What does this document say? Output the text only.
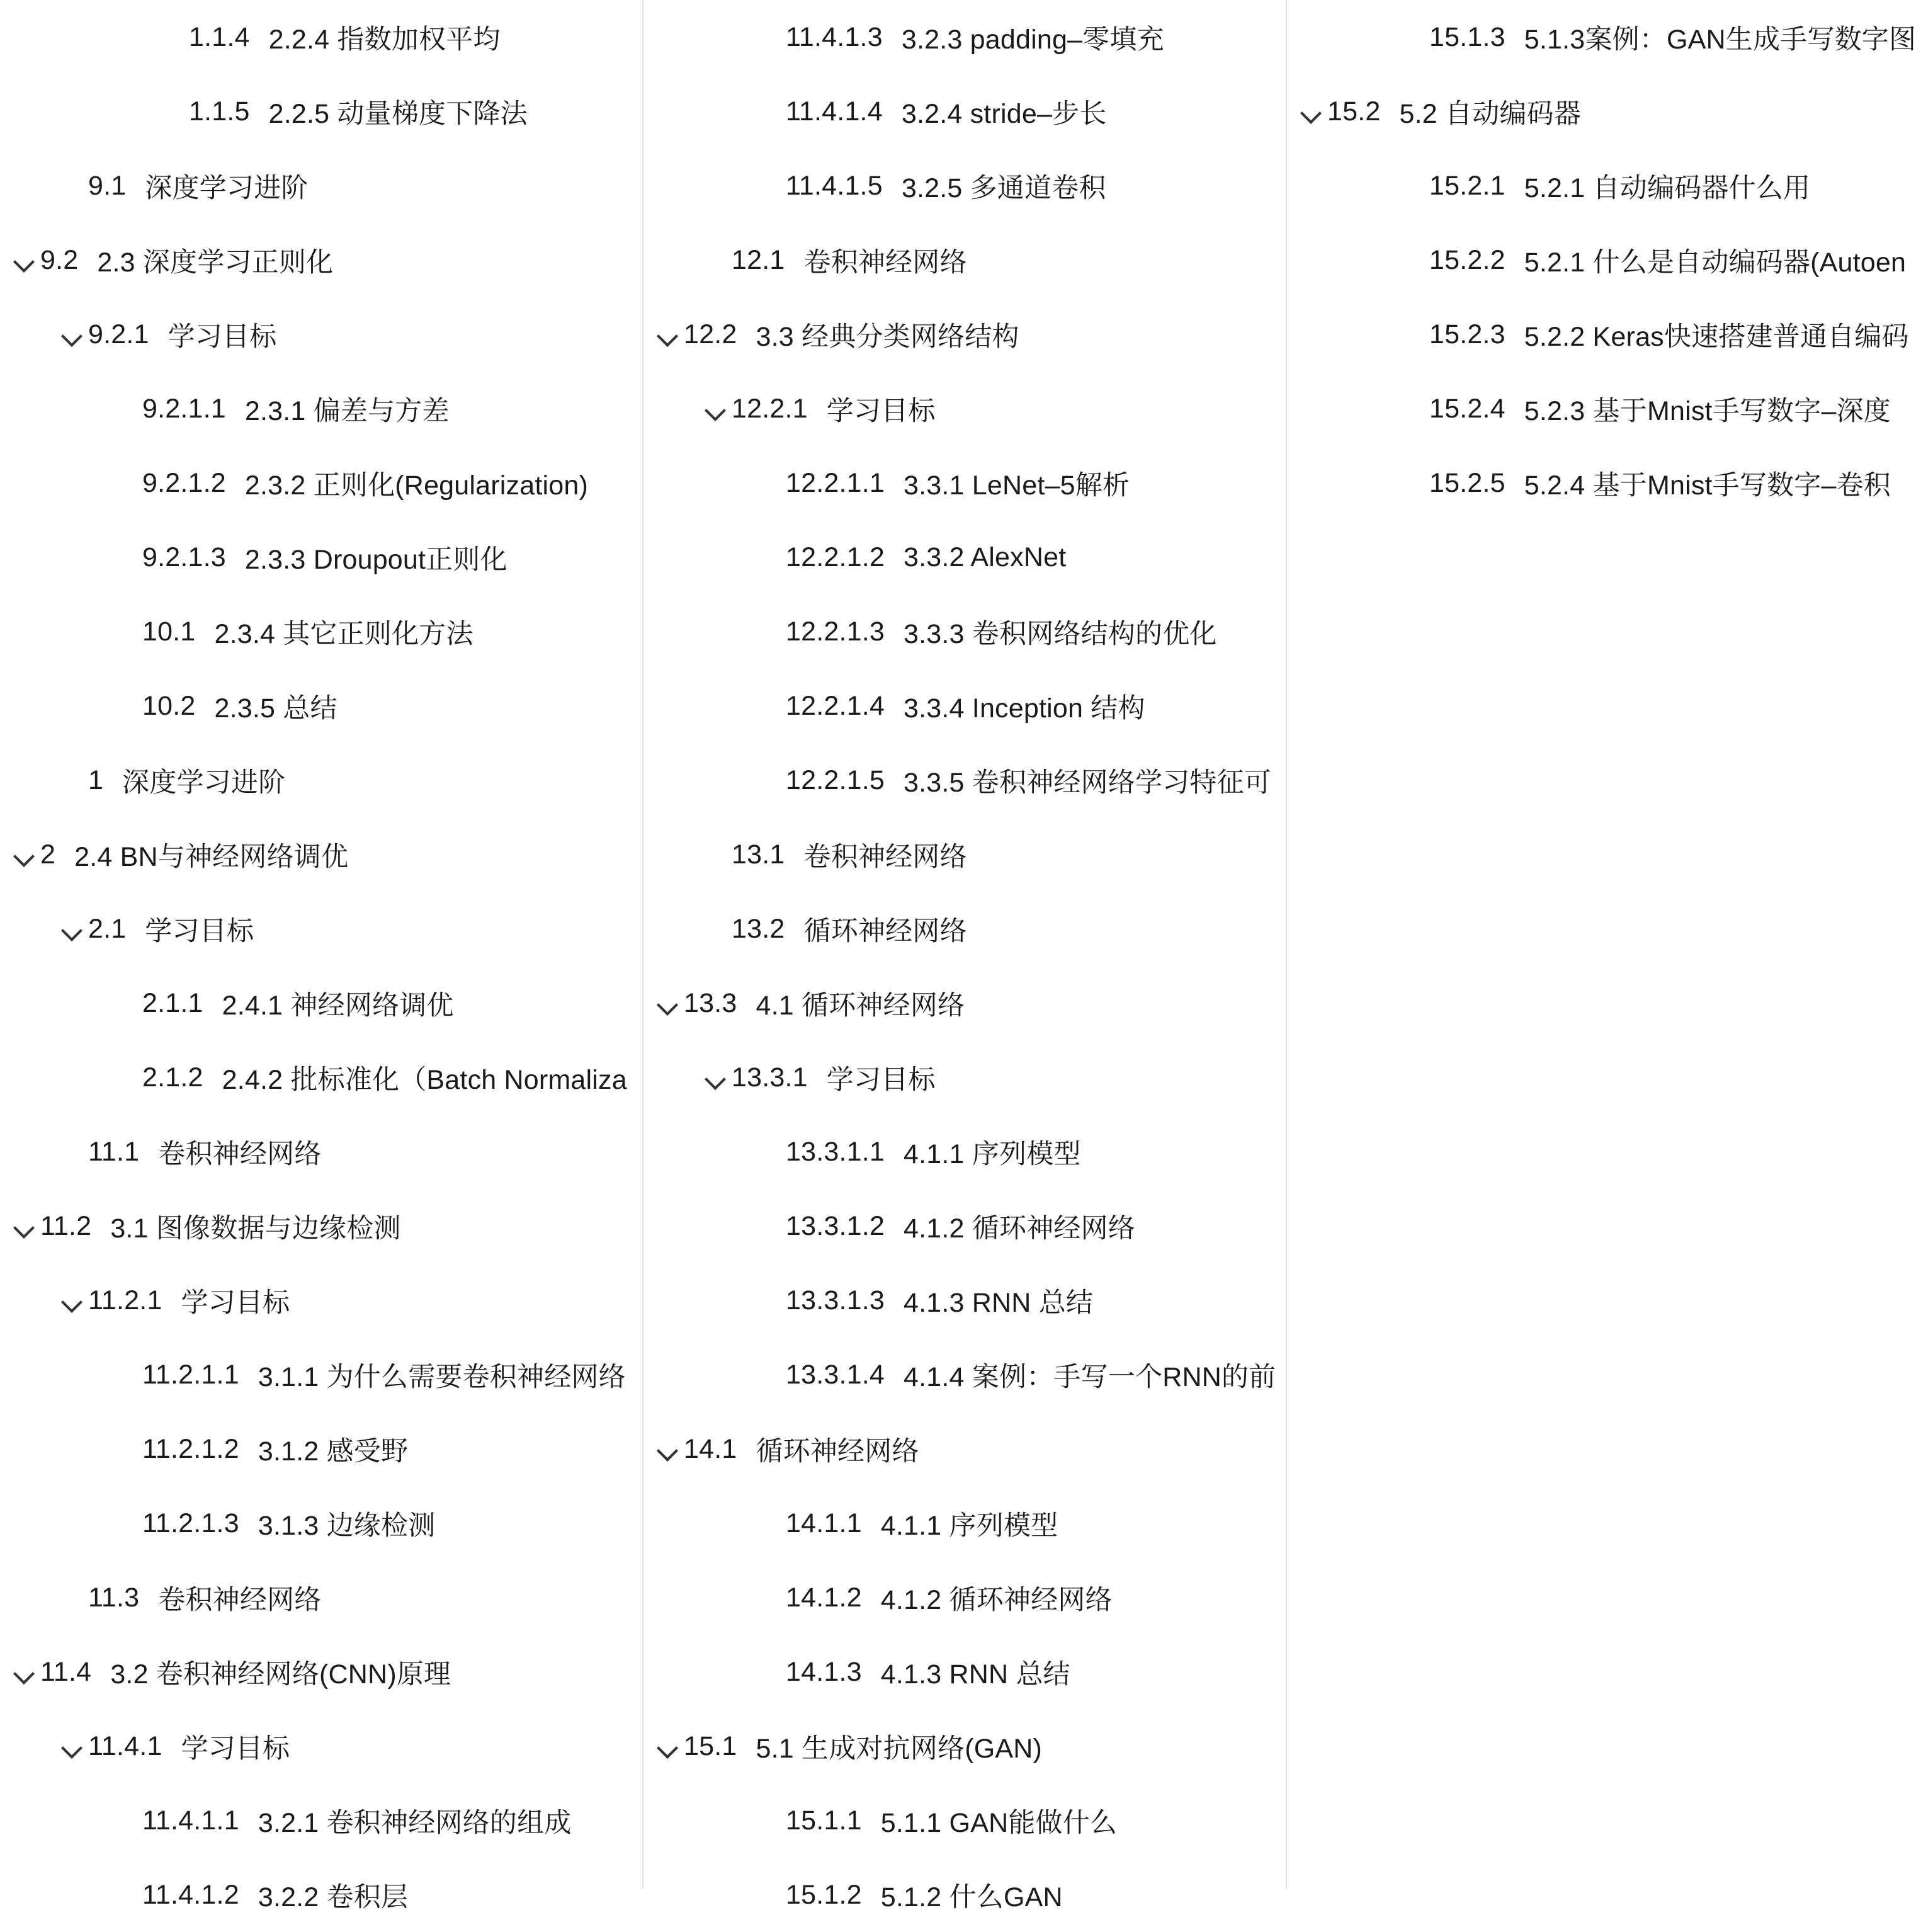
1.1.4 2.2.4 指数加权平均
1.1.5 2.2.5 动量梯度下降法
9.1 深度学习进阶
9.2 2.3 深度学习正则化
9.2.1 学习目标
9.2.1.1 2.3.1 偏差与方差
9.2.1.2 2.3.2 正则化(Regularization)
9.2.1.3 2.3.3 Droupout正则化
10.1 2.3.4 其它正则化方法
10.2 2.3.5 总结
1 深度学习进阶
2 2.4 BN与神经网络调优
2.1 学习目标
2.1.1 2.4.1 神经网络调优
2.1.2 2.4.2 批标准化（Batch Normaliza
11.1 卷积神经网络
11.2 3.1 图像数据与边缘检测
11.2.1 学习目标
11.2.1.1 3.1.1 为什么需要卷积神经网络
11.2.1.2 3.1.2 感受野
11.2.1.3 3.1.3 边缘检测
11.3 卷积神经网络
11.4 3.2 卷积神经网络(CNN)原理
11.4.1 学习目标
11.4.1.1 3.2.1 卷积神经网络的组成
11.4.1.2 3.2.2 卷积层
11.4.1.3 3.2.3 padding–零填充
11.4.1.4 3.2.4 stride–步长
11.4.1.5 3.2.5 多通道卷积
12.1 卷积神经网络
12.2 3.3 经典分类网络结构
12.2.1 学习目标
12.2.1.1 3.3.1 LeNet–5解析
12.2.1.2 3.3.2 AlexNet
12.2.1.3 3.3.3 卷积网络结构的优化
12.2.1.4 3.3.4 Inception 结构
12.2.1.5 3.3.5 卷积神经网络学习特征可
13.1 卷积神经网络
13.2 循环神经网络
13.3 4.1 循环神经网络
13.3.1 学习目标
13.3.1.1 4.1.1 序列模型
13.3.1.2 4.1.2 循环神经网络
13.3.1.3 4.1.3 RNN 总结
13.3.1.4 4.1.4 案例：手写一个RNN的前
14.1 循环神经网络
14.1.1 4.1.1 序列模型
14.1.2 4.1.2 循环神经网络
14.1.3 4.1.3 RNN 总结
15.1 5.1 生成对抗网络(GAN)
15.1.1 5.1.1 GAN能做什么
15.1.2 5.1.2 什么GAN
15.1.3 5.1.3案例：GAN生成手写数字图
15.2 5.2 自动编码器
15.2.1 5.2.1 自动编码器什么用
15.2.2 5.2.1 什么是自动编码器(Autoen
15.2.3 5.2.2 Keras快速搭建普通自编码
15.2.4 5.2.3 基于Mnist手写数字–深度
15.2.5 5.2.4 基于Mnist手写数字–卷积
